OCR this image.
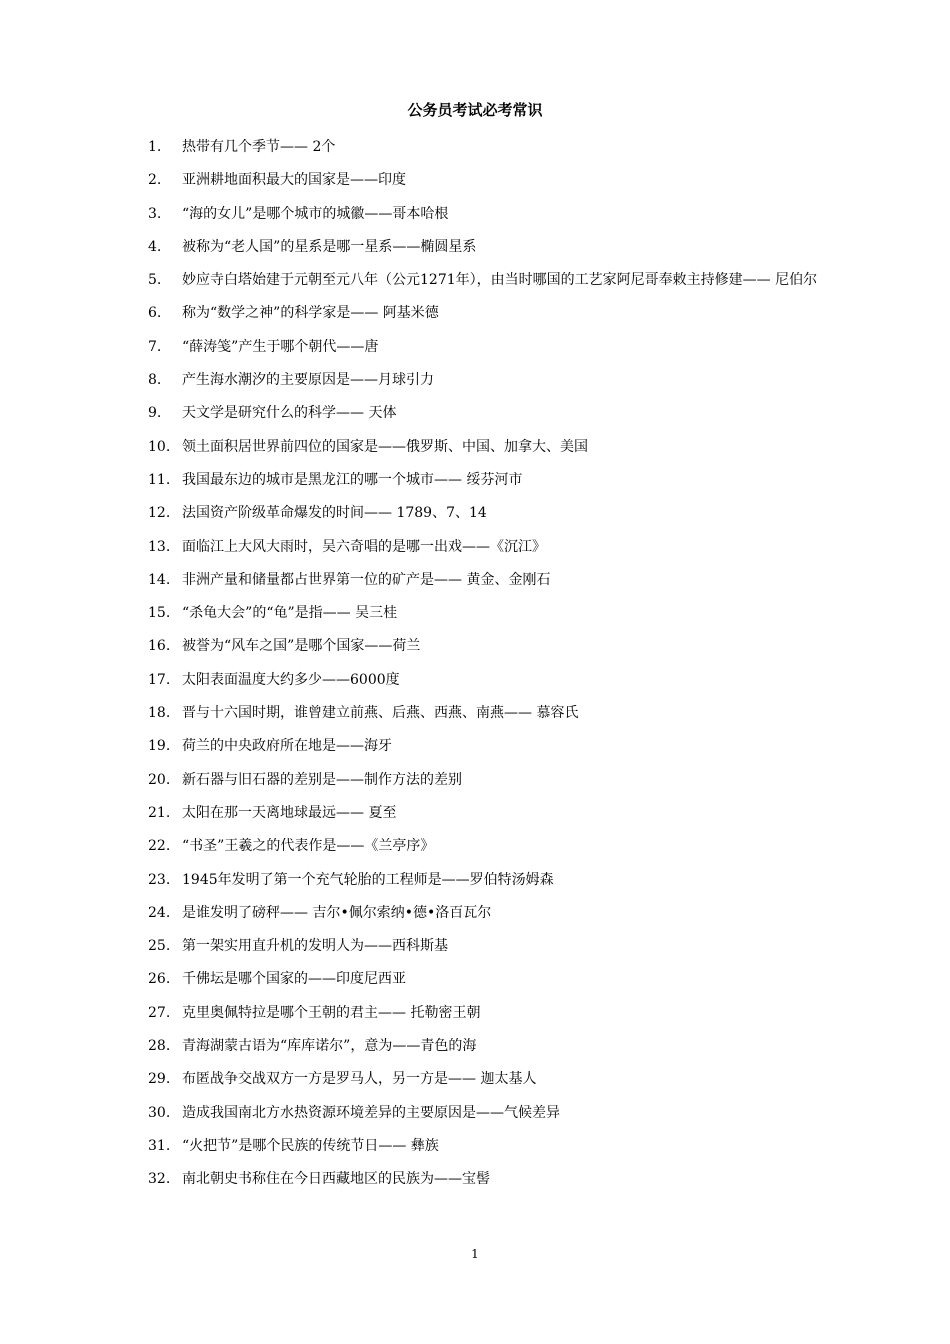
公务员考试必考常识
1.	热带有几个季节—— 2个
2.	亚洲耕地面积最大的国家是——印度
3.	“海的女儿”是哪个城市的城徽——哥本哈根
4.	被称为“老人国”的星系是哪一星系——椭圆星系
5.	妙应寺白塔始建于元朝至元八年（公元1271年），由当时哪国的工艺家阿尼哥奉敕主持修建—— 尼伯尔
6.	称为“数学之神”的科学家是—— 阿基米德
7.	“薛涛笺”产生于哪个朝代——唐
8.	产生海水潮汐的主要原因是——月球引力
9.	天文学是研究什么的科学—— 天体
10. 领土面积居世界前四位的国家是——俄罗斯、中国、加拿大、美国
11. 我国最东边的城市是黑龙江的哪一个城市—— 绥芬河市
12. 法国资产阶级革命爆发的时间—— 1789、7、14
13. 面临江上大风大雨时，吴六奇唱的是哪一出戏——《沉江》
14. 非洲产量和储量都占世界第一位的矿产是—— 黄金、金刚石
15. “杀龟大会”的“龟”是指—— 吴三桂
16. 被誉为“风车之国”是哪个国家——荷兰
17. 太阳表面温度大约多少——6000度
18. 晋与十六国时期，谁曾建立前燕、后燕、西燕、南燕—— 慕容氏
19. 荷兰的中央政府所在地是——海牙
20. 新石器与旧石器的差别是——制作方法的差别
21. 太阳在那一天离地球最远—— 夏至
22. “书圣”王羲之的代表作是——《兰亭序》
23. 1945年发明了第一个充气轮胎的工程师是——罗伯特汤姆森
24. 是谁发明了磅秤—— 吉尔•佩尔索纳•德•洛百瓦尔
25. 第一架实用直升机的发明人为——西科斯基
26. 千佛坛是哪个国家的——印度尼西亚
27. 克里奥佩特拉是哪个王朝的君主—— 托勒密王朝
28. 青海湖蒙古语为“库库诺尔”，意为——青色的海
29. 布匿战争交战双方一方是罗马人，另一方是—— 迦太基人
30. 造成我国南北方水热资源环境差异的主要原因是——气候差异
31. “火把节”是哪个民族的传统节日—— 彝族
32. 南北朝史书称住在今日西藏地区的民族为——宝髻
1
